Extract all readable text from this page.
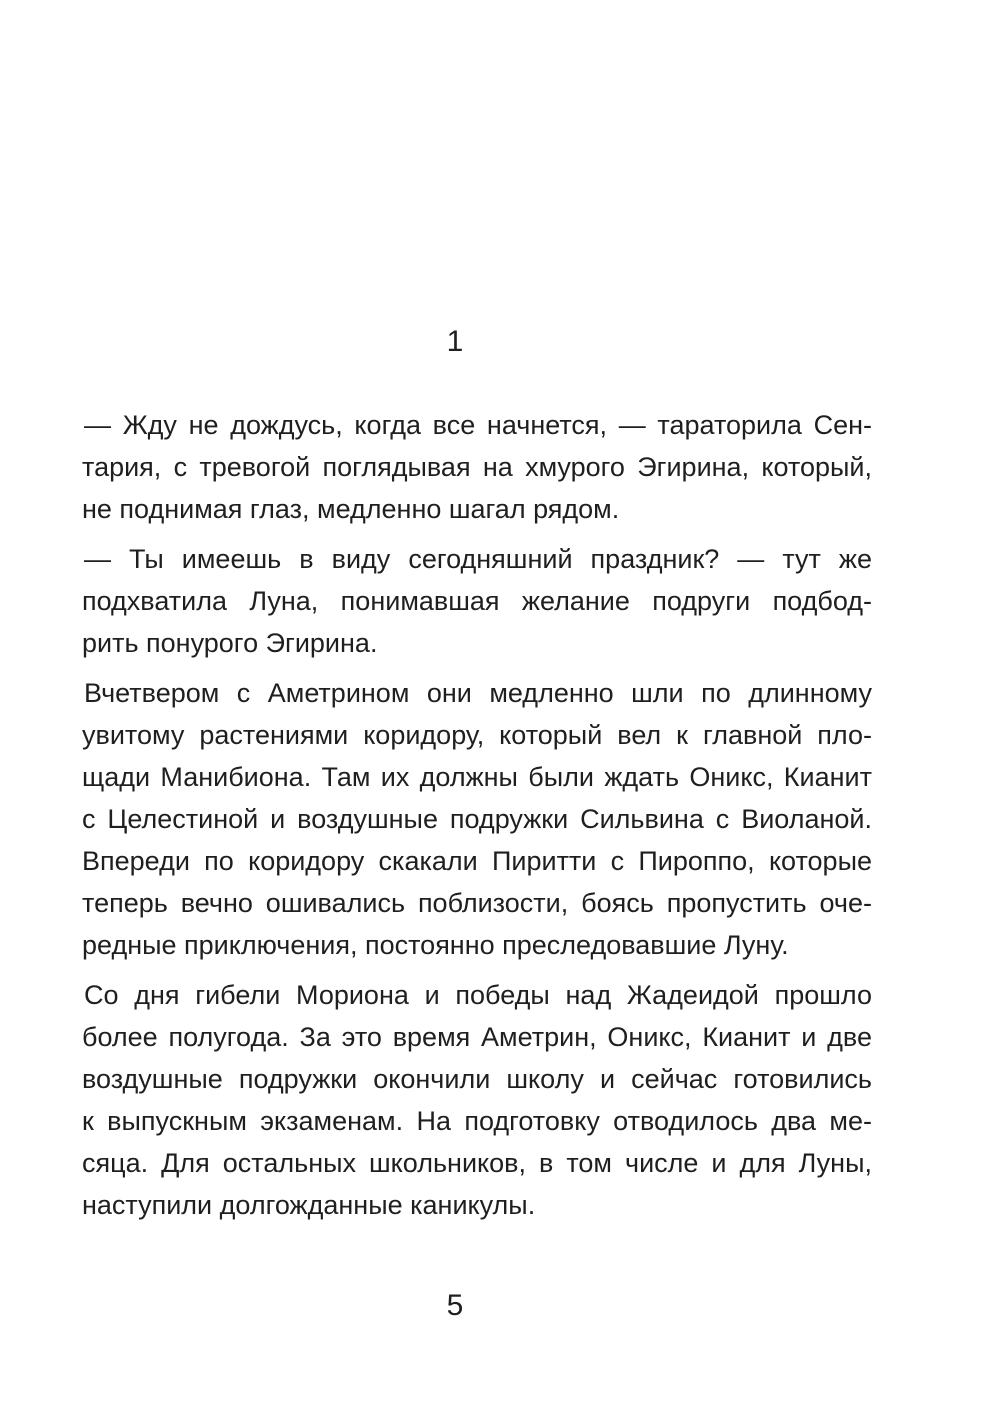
1
— Жду не дождусь, когда все начнется, — тараторила Сен-
тария, с тревогой поглядывая на хмурого Эгирина, который,
не поднимая глаз, медленно шагал рядом.
— Ты имеешь в виду сегодняшний праздник? — тут же
подхватила Луна, понимавшая желание подруги подбод-
рить понурого Эгирина.
Вчетвером с Аметрином они медленно шли по длинному
увитому растениями коридору, который вел к главной пло-
щади Манибиона. Там их должны были ждать Оникс, Кианит
с Целестиной и воздушные подружки Сильвина с Виоланой.
Впереди по коридору скакали Пиритти с Пироппо, которые
теперь вечно ошивались поблизости, боясь пропустить оче-
редные приключения, постоянно преследовавшие Луну.
Со дня гибели Мориона и победы над Жадеидой прошло
более полугода. За это время Аметрин, Оникс, Кианит и две
воздушные подружки окончили школу и сейчас готовились
к выпускным экзаменам. На подготовку отводилось два ме-
сяца. Для остальных школьников, в том числе и для Луны,
наступили долгожданные каникулы.
5
